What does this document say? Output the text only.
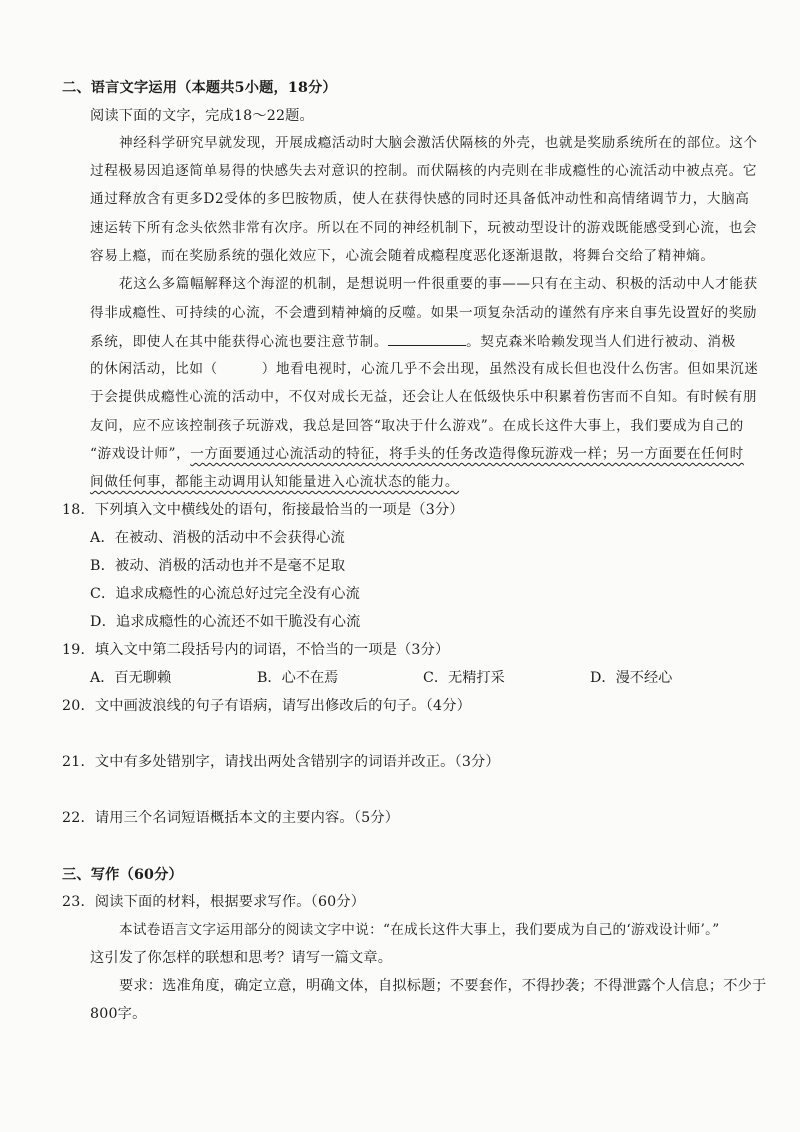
二、语言文字运用（本题共5小题，18分）
阅读下面的文字，完成18～22题。
神经科学研究早就发现，开展成瘾活动时大脑会激活伏隔核的外壳，也就是奖励系统所在的部位。这个
过程极易因追逐简单易得的快感失去对意识的控制。而伏隔核的内壳则在非成瘾性的心流活动中被点亮。它
通过释放含有更多D2受体的多巴胺物质，使人在获得快感的同时还具备低冲动性和高情绪调节力，大脑高
速运转下所有念头依然非常有次序。所以在不同的神经机制下，玩被动型设计的游戏既能感受到心流，也会
容易上瘾，而在奖励系统的强化效应下，心流会随着成瘾程度恶化逐渐退散，将舞台交给了精神熵。
花这么多篇幅解释这个海涩的机制，是想说明一件很重要的事——只有在主动、积极的活动中人才能获
得非成瘾性、可持续的心流，不会遭到精神熵的反噬。如果一项复杂活动的谨然有序来自事先设置好的奖励
系统，即使人在其中能获得心流也要注意节制。	。契克森米哈赖发现当人们进行被动、消极
的休闲活动，比如（	）地看电视时，心流几乎不会出现，虽然没有成长但也没什么伤害。但如果沉迷
于会提供成瘾性心流的活动中，不仅对成长无益，还会让人在低级快乐中积累着伤害而不自知。有时候有朋
友问，应不应该控制孩子玩游戏，我总是回答“取决于什么游戏”。在成长这件大事上，我们要成为自己的
“游戏设计师”，一方面要通过心流活动的特征，将手头的任务改造得像玩游戏一样；另一方面要在任何时
间做任何事，都能主动调用认知能量进入心流状态的能力。
18．下列填入文中横线处的语句，衔接最恰当的一项是（3分）
A．在被动、消极的活动中不会获得心流
B．被动、消极的活动也并不是毫不足取
C．追求成瘾性的心流总好过完全没有心流
D．追求成瘾性的心流还不如干脆没有心流
19．填入文中第二段括号内的词语，不恰当的一项是（3分）
A．百无聊赖	B．心不在焉	C．无精打采	D．漫不经心
20．文中画波浪线的句子有语病，请写出修改后的句子。（4分）
21．文中有多处错别字，请找出两处含错别字的词语并改正。（3分）
22．请用三个名词短语概括本文的主要内容。（5分）
三、写作（60分）
23．阅读下面的材料，根据要求写作。（60分）
本试卷语言文字运用部分的阅读文字中说：“在成长这件大事上，我们要成为自己的‘游戏设计师’。”
这引发了你怎样的联想和思考？请写一篇文章。
要求：选准角度，确定立意，明确文体，自拟标题；不要套作，不得抄袭；不得泄露个人信息；不少于
800字。
